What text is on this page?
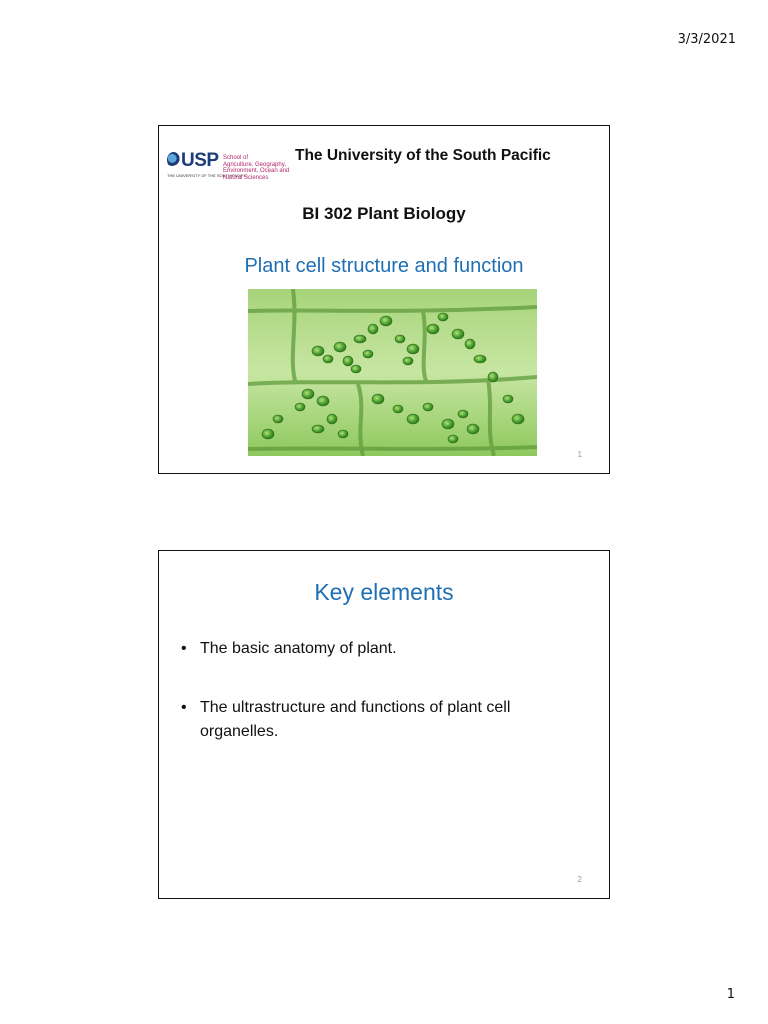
3/3/2021
USP
THE UNIVERSITY OF THE SOUTH PACIFIC
School of
Agriculture, Geography,
Environment, Ocean and
Natural Sciences
The University of the South Pacific
BI 302 Plant Biology
Plant cell structure and function
1
Key elements
• The basic anatomy of plant.
• The ultrastructure and functions of plant cell organelles.
2
1
